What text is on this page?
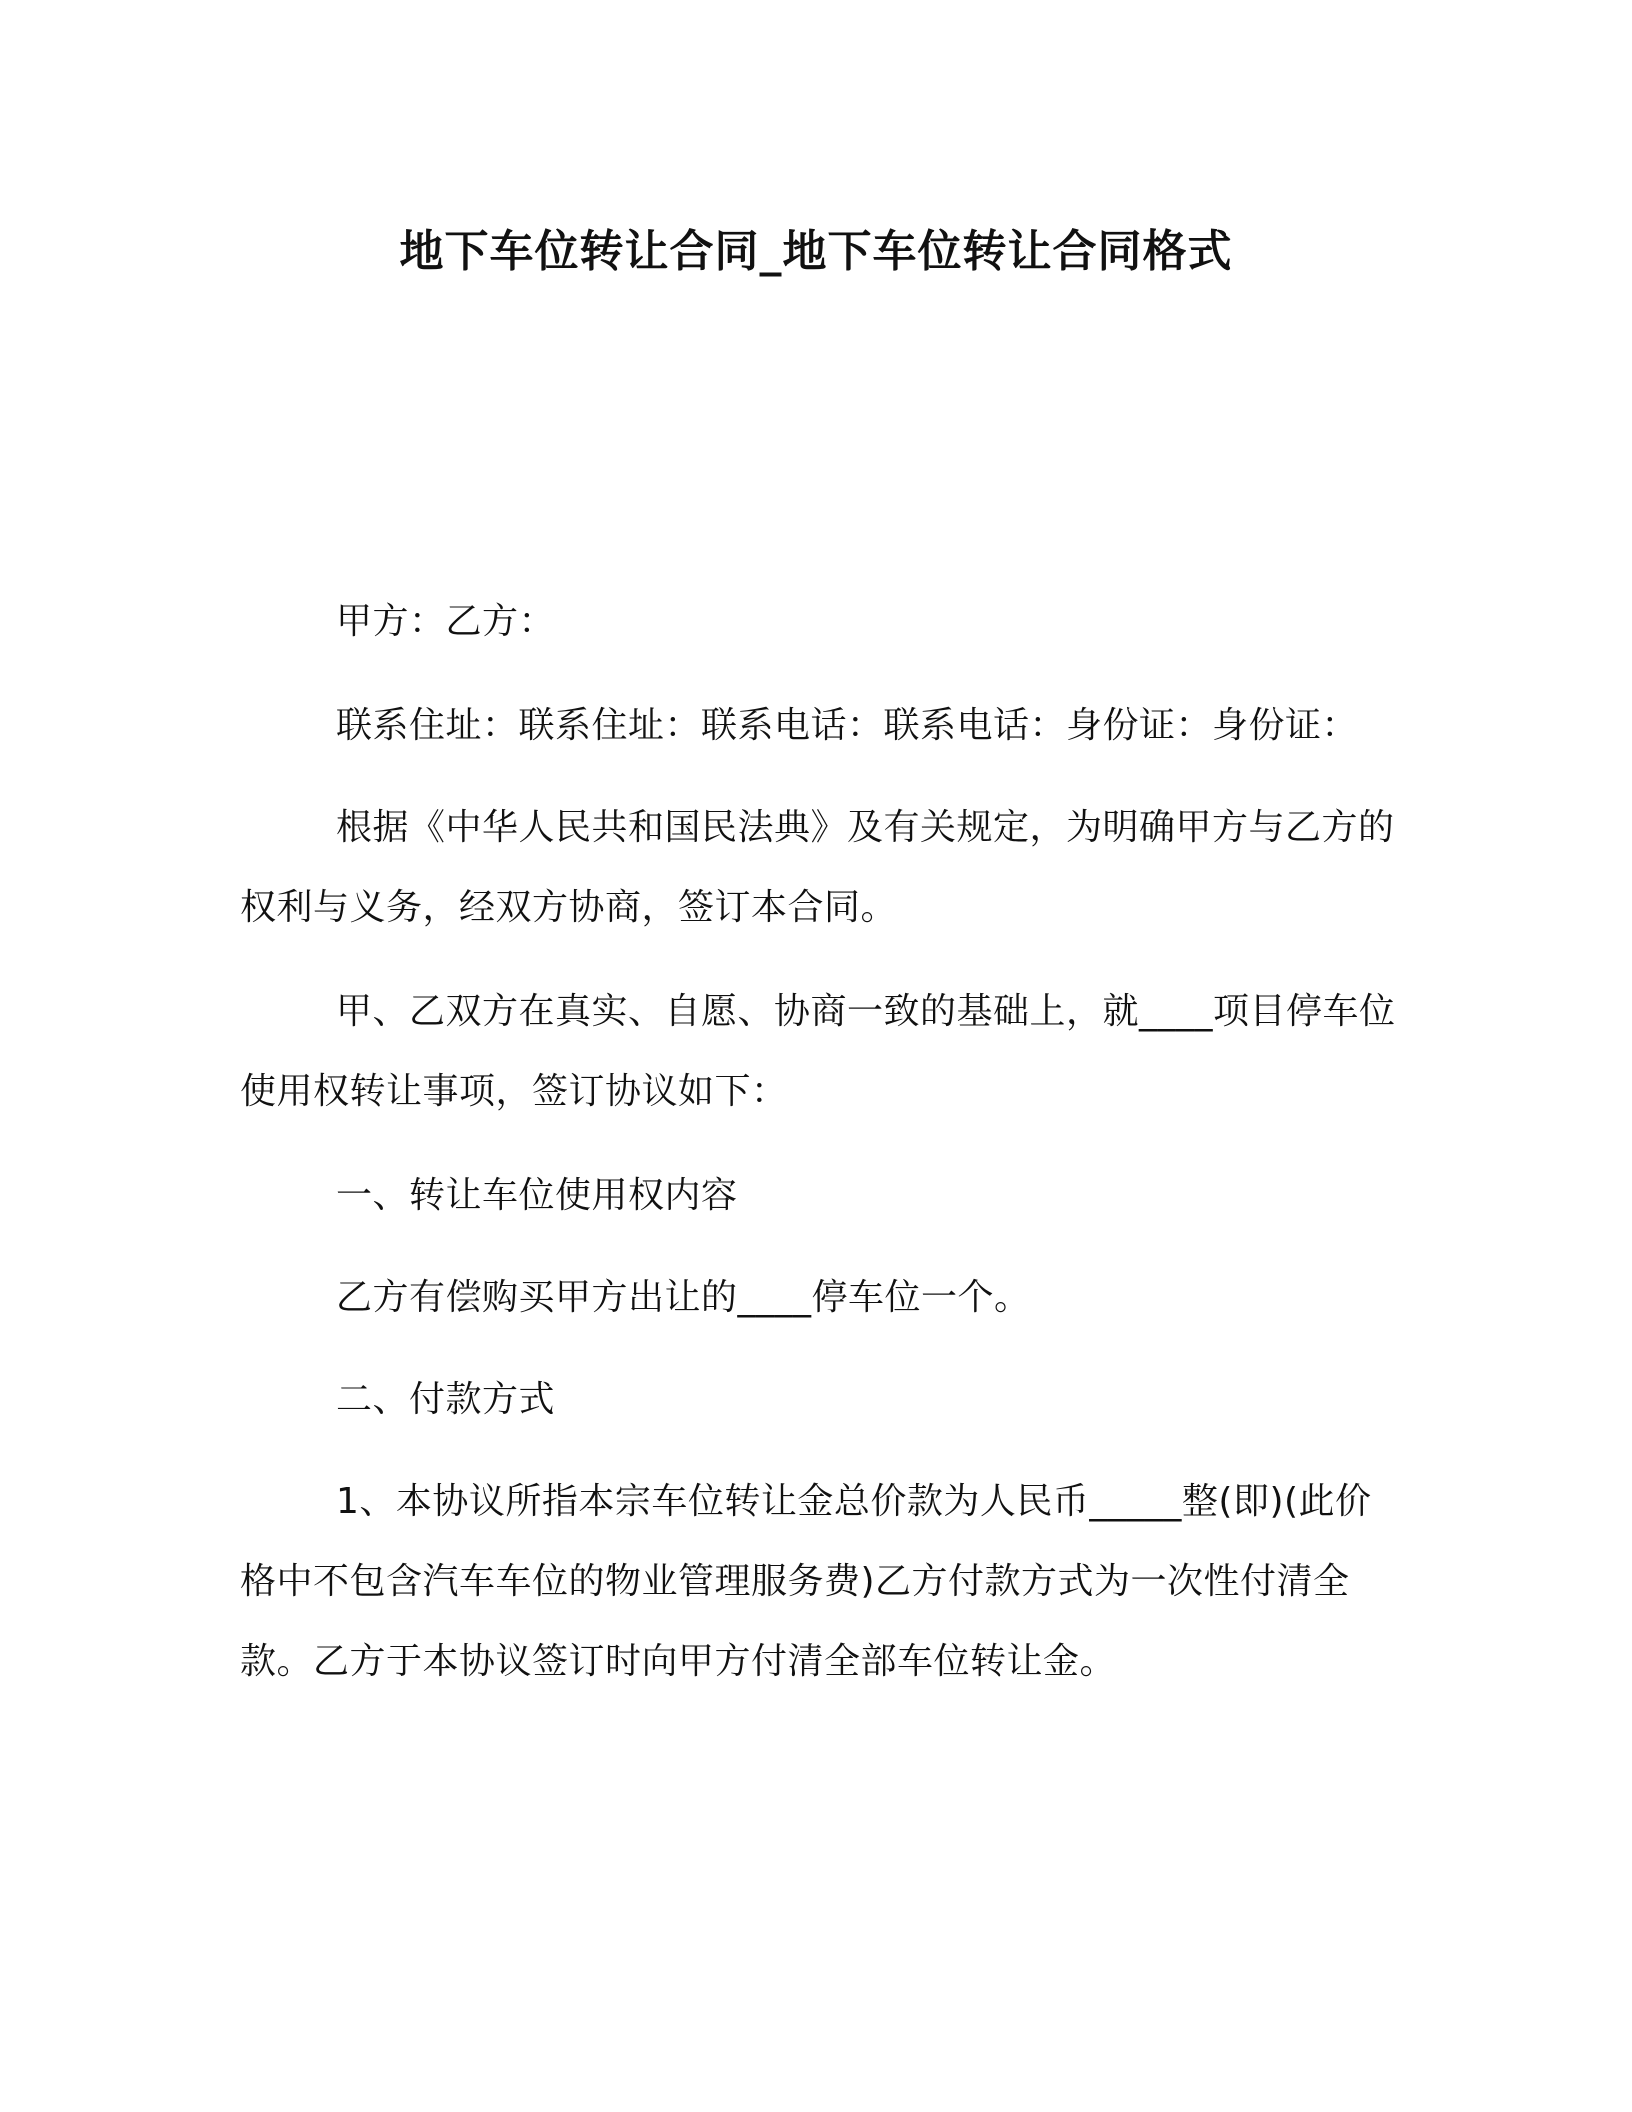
地下车位转让合同_地下车位转让合同格式
甲方：乙方：
联系住址：联系住址：联系电话：联系电话：身份证：身份证：
根据《中华人民共和国民法典》及有关规定，为明确甲方与乙方的权利与义务，经双方协商，签订本合同。
甲、乙双方在真实、自愿、协商一致的基础上，就____项目停车位使用权转让事项，签订协议如下：
一、转让车位使用权内容
乙方有偿购买甲方出让的____停车位一个。
二、付款方式
1、本协议所指本宗车位转让金总价款为人民币_____整(即)(此价格中不包含汽车车位的物业管理服务费)乙方付款方式为一次性付清全款。乙方于本协议签订时向甲方付清全部车位转让金。
